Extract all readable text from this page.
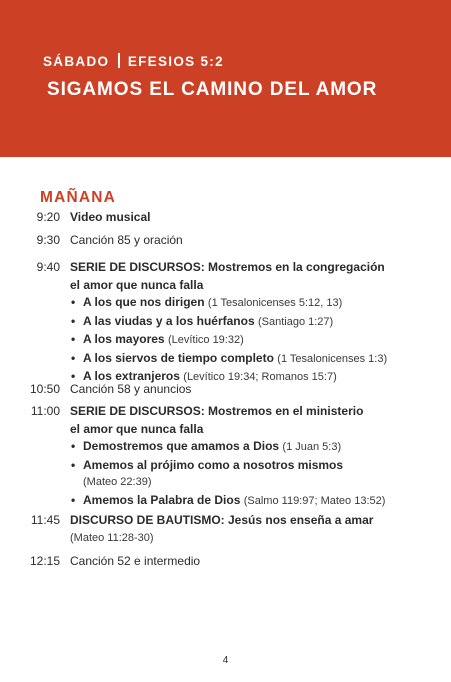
SÁBADO EFESIOS 5:2
SIGAMOS EL CAMINO DEL AMOR
MAÑANA
9:20 Video musical
9:30 Canción 85 y oración
9:40 SERIE DE DISCURSOS: Mostremos en la congregación
el amor que nunca falla
• A los que nos dirigen (1 Tesalonicenses 5:12, 13)
• A las viudas y a los huérfanos (Santiago 1:27)
• A los mayores (Levítico 19:32)
• A los siervos de tiempo completo (1 Tesalonicenses 1:3)
• A los extranjeros (Levítico 19:34; Romanos 15:7)
10:50 Canción 58 y anuncios
11:00 SERIE DE DISCURSOS: Mostremos en el ministerio
el amor que nunca falla
• Demostremos que amamos a Dios (1 Juan 5:3)
• Amemos al prójimo como a nosotros mismos
(Mateo 22:39)
• Amemos la Palabra de Dios (Salmo 119:97; Mateo 13:52)
11:45 DISCURSO DE BAUTISMO: Jesús nos enseña a amar
(Mateo 11:28-30)
12:15 Canción 52 e intermedio
4
